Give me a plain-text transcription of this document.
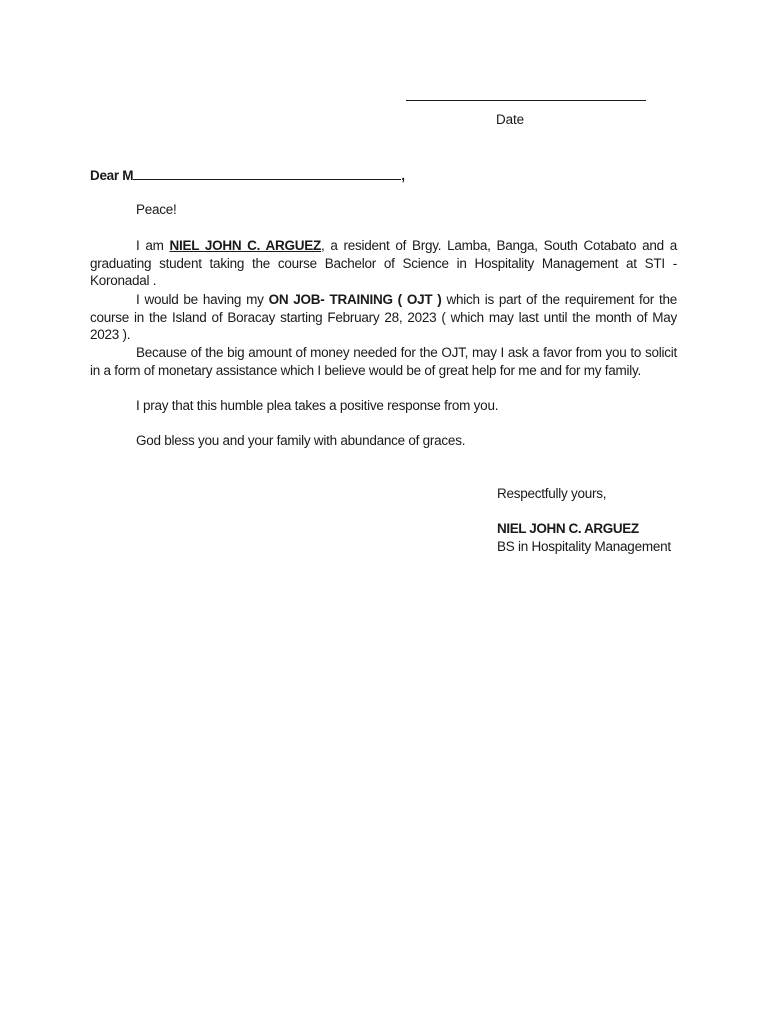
Date
Dear M	,

Peace!

I am NIEL JOHN C. ARGUEZ, a resident of Brgy. Lamba, Banga, South Cotabato and a graduating student taking the course Bachelor of Science in Hospitality Management at STI - Koronadal .

I would be having my ON JOB- TRAINING ( OJT ) which is part of the requirement for the course in the Island of Boracay starting February 28, 2023 ( which may last until the month of May 2023 ).

Because of the big amount of money needed for the OJT, may I ask a favor from you to solicit in a form of monetary assistance which I believe would be of great help for me and for my family.

I pray that this humble plea takes a positive response from you.

God bless you and your family with abundance of graces.

Respectfully yours,
NIEL JOHN C. ARGUEZ
BS in Hospitality Management
